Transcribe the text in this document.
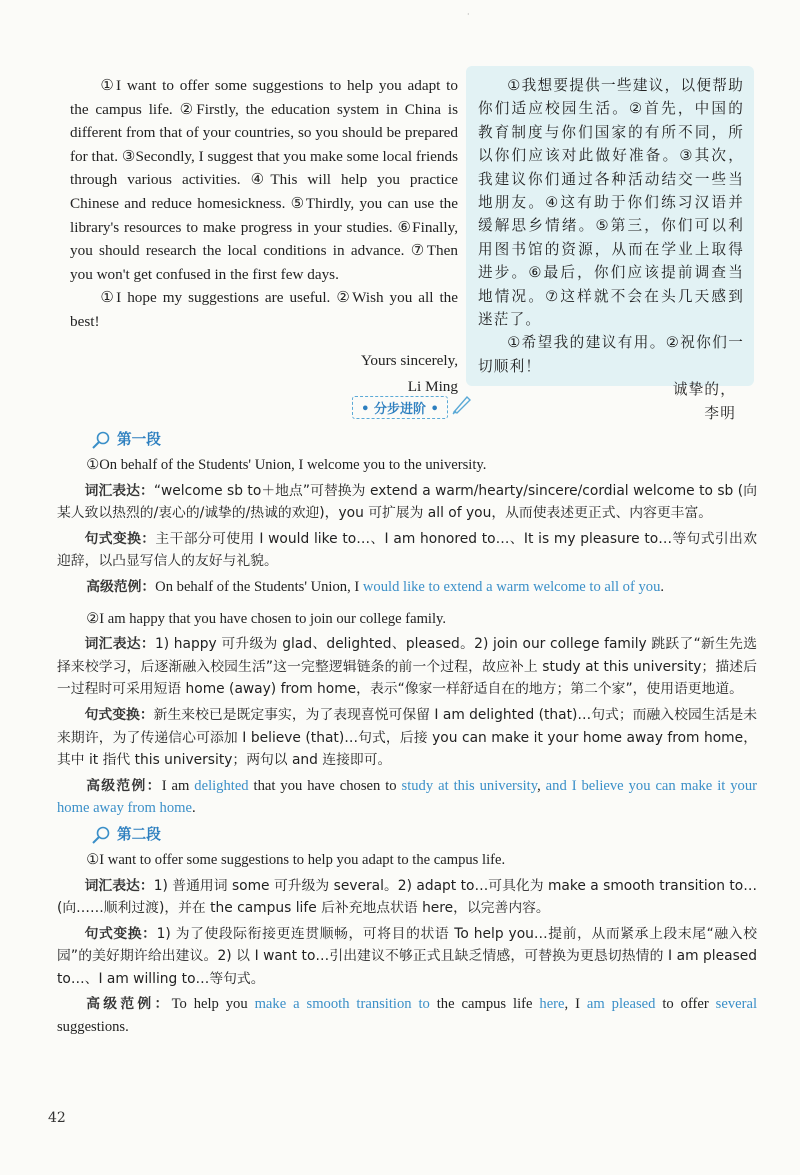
·

①I want to offer some suggestions to help you adapt to the campus life. ②Firstly, the education system in China is different from that of your countries, so you should be prepared for that. ③Secondly, I suggest that you make some local friends through various activities. ④This will help you practice Chinese and reduce homesickness. ⑤Thirdly, you can use the library's resources to make progress in your studies. ⑥Finally, you should research the local conditions in advance. ⑦Then you won't get confused in the first few days.

①I hope my suggestions are useful. ②Wish you all the best!

Yours sincerely,
Li Ming

①我想要提供一些建议，以便帮助你们适应校园生活。②首先，中国的教育制度与你们国家的有所不同，所以你们应该对此做好准备。③其次，我建议你们通过各种活动结交一些当地朋友。④这有助于你们练习汉语并缓解思乡情绪。⑤第三，你们可以利用图书馆的资源，从而在学业上取得进步。⑥最后，你们应该提前调查当地情况。⑦这样就不会在头几天感到迷茫了。

①希望我的建议有用。②祝你们一切顺利！

诚挚的，

李明

• 分步进阶 •
第一段

①On behalf of the Students' Union, I welcome you to the university.

词汇表达：“welcome sb to＋地点”可替换为 extend a warm/hearty/sincere/cordial welcome to sb (向某人致以热烈的/衷心的/诚挚的/热诚的欢迎)，you 可扩展为 all of you，从而使表述更正式、内容更丰富。

句式变换：主干部分可使用 I would like to…、I am honored to…、It is my pleasure to…等句式引出欢迎辞，以凸显写信人的友好与礼貌。

高级范例：On behalf of the Students' Union, I would like to extend a warm welcome to all of you.

②I am happy that you have chosen to join our college family.

词汇表达：1) happy 可升级为 glad、delighted、pleased。2) join our college family 跳跃了“新生先选择来校学习，后逐渐融入校园生活”这一完整逻辑链条的前一个过程，故应补上 study at this university；描述后一过程时可采用短语 home (away) from home，表示“像家一样舒适自在的地方；第二个家”，使用语更地道。

句式变换：新生来校已是既定事实，为了表现喜悦可保留 I am delighted (that)…句式；而融入校园生活是未来期许，为了传递信心可添加 I believe (that)…句式，后接 you can make it your home away from home，其中 it 指代 this university；两句以 and 连接即可。

高级范例：I am delighted that you have chosen to study at this university, and I believe you can make it your home away from home.

第二段

①I want to offer some suggestions to help you adapt to the campus life.

词汇表达：1) 普通用词 some 可升级为 several。2) adapt to…可具化为 make a smooth transition to…(向……顺利过渡)，并在 the campus life 后补充地点状语 here，以完善内容。

句式变换：1) 为了使段际衔接更连贯顺畅，可将目的状语 To help you…提前，从而紧承上段末尾“融入校园”的美好期许给出建议。2) 以 I want to…引出建议不够正式且缺乏情感，可替换为更恳切热情的 I am pleased to…、I am willing to…等句式。

高级范例：To help you make a smooth transition to the campus life here, I am pleased to offer several suggestions.

42
